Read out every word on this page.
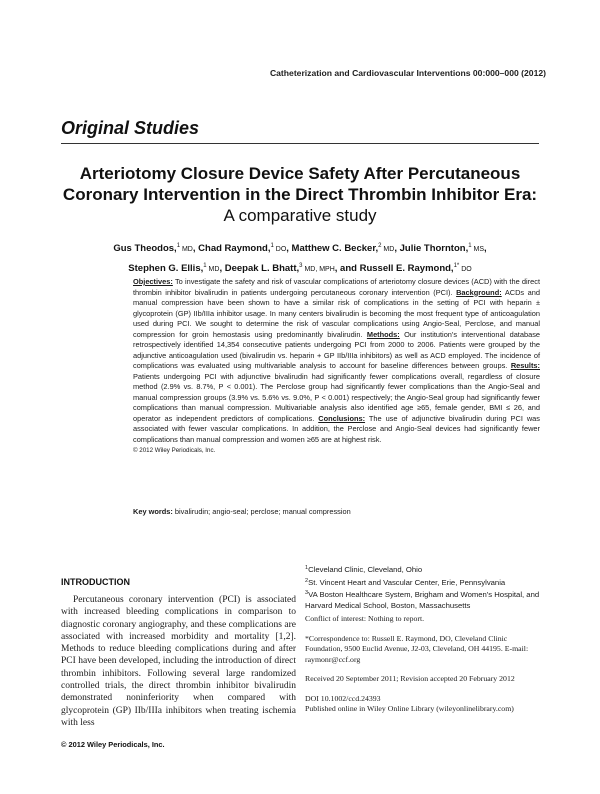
Catheterization and Cardiovascular Interventions 00:000–000 (2012)
Original Studies
Arteriotomy Closure Device Safety After Percutaneous Coronary Intervention in the Direct Thrombin Inhibitor Era: A comparative study
Gus Theodos,$^1$ MD, Chad Raymond,$^1$ DO, Matthew C. Becker,$^2$ MD, Julie Thornton,$^1$ MS,
Stephen G. Ellis,$^1$ MD, Deepak L. Bhatt,$^3$ MD, MPH, and Russell E. Raymond,$^{1*}$ DO
Objectives: To investigate the safety and risk of vascular complications of arteriotomy closure devices (ACD) with the direct thrombin inhibitor bivalirudin in patients undergoing percutaneous coronary intervention (PCI). Background: ACDs and manual compression have been shown to have a similar risk of complications in the setting of PCI with heparin ± glycoprotein (GP) IIb/IIIa inhibitor usage. In many centers bivalirudin is becoming the most frequent type of anticoagulation used during PCI. We sought to determine the risk of vascular complications using Angio-Seal, Perclose, and manual compression for groin hemostasis using predominantly bivalirudin. Methods: Our institution's interventional database retrospectively identified 14,354 consecutive patients undergoing PCI from 2000 to 2006. Patients were grouped by the adjunctive anticoagulation used (bivalirudin vs. heparin + GP IIb/IIIa inhibitors) as well as ACD employed. The incidence of complications was evaluated using multivariable analysis to account for baseline differences between groups. Results: Patients undergoing PCI with adjunctive bivalirudin had significantly fewer complications overall, regardless of closure method (2.9% vs. 8.7%, P < 0.001). The Perclose group had significantly fewer complications than the Angio-Seal and manual compression groups (3.9% vs. 5.6% vs. 9.0%, P < 0.001) respectively; the Angio-Seal group had significantly fewer complications than manual compression. Multivariable analysis also identified age ≥65, female gender, BMI ≤ 26, and operator as independent predictors of complications. Conclusions: The use of adjunctive bivalirudin during PCI was associated with fewer vascular complications. In addition, the Perclose and Angio-Seal devices had significantly fewer complications than manual compression and women ≥65 are at highest risk.
© 2012 Wiley Periodicals, Inc.
Key words: bivalirudin; angio-seal; perclose; manual compression
INTRODUCTION
Percutaneous coronary intervention (PCI) is associated with increased bleeding complications in comparison to diagnostic coronary angiography, and these complications are associated with increased morbidity and mortality [1,2]. Methods to reduce bleeding complications during and after PCI have been developed, including the introduction of direct thrombin inhibitors. Following several large randomized controlled trials, the direct thrombin inhibitor bivalirudin demonstrated noninferiority when compared with glycoprotein (GP) IIb/IIIa inhibitors when treating ischemia with less
$^1$Cleveland Clinic, Cleveland, Ohio
$^2$St. Vincent Heart and Vascular Center, Erie, Pennsylvania
$^3$VA Boston Healthcare System, Brigham and Women's Hospital, and Harvard Medical School, Boston, Massachusetts
Conflict of interest: Nothing to report.
*Correspondence to: Russell E. Raymond, DO, Cleveland Clinic Foundation, 9500 Euclid Avenue, J2-03, Cleveland, OH 44195. E-mail: raymonr@ccf.org
Received 20 September 2011; Revision accepted 20 February 2012
DOI 10.1002/ccd.24393
Published online in Wiley Online Library (wileyonlinelibrary.com)
© 2012 Wiley Periodicals, Inc.
